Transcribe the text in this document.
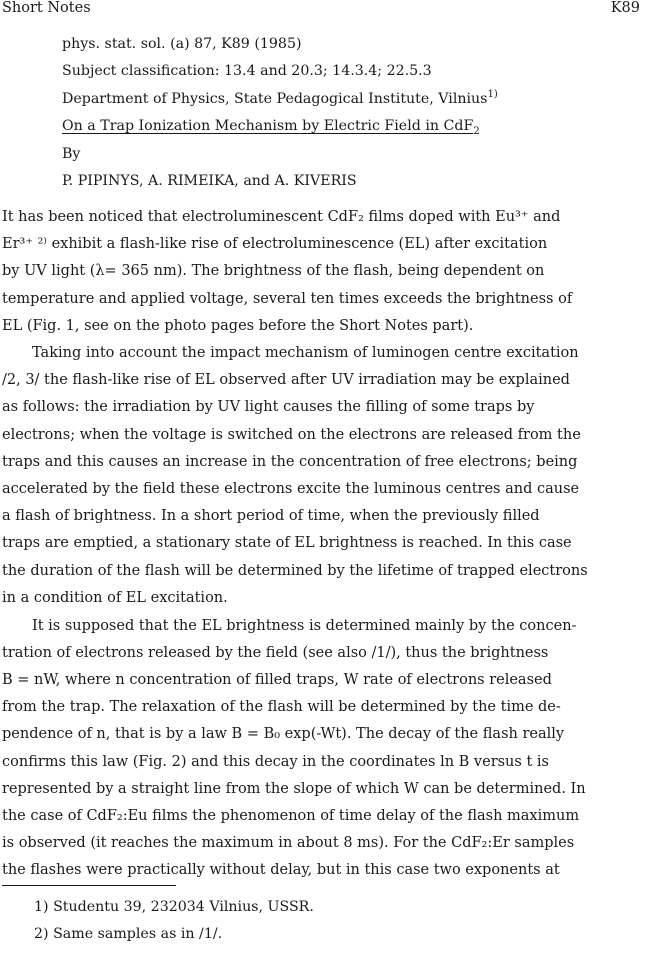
Short Notes	K89
phys. stat. sol. (a) 87, K89 (1985)
Subject classification: 13.4 and 20.3; 14.3.4; 22.5.3
Department of Physics, State Pedagogical Institute, Vilnius$^{1)}$
On a Trap Ionization Mechanism by Electric Field in CdF$_2$
By
P. PIPINYS, A. RIMEIKA, and A. KIVERIS
It has been noticed that electroluminescent CdF₂ films doped with Eu³⁺ and
Er³⁺ ²⁾ exhibit a flash-like rise of electroluminescence (EL) after excitation
by UV light (λ= 365 nm). The brightness of the flash, being dependent on
temperature and applied voltage, several ten times exceeds the brightness of
EL (Fig. 1, see on the photo pages before the Short Notes part).
Taking into account the impact mechanism of luminogen centre excitation
/2, 3/ the flash-like rise of EL observed after UV irradiation may be explained
as follows: the irradiation by UV light causes the filling of some traps by
electrons; when the voltage is switched on the electrons are released from the
traps and this causes an increase in the concentration of free electrons; being
accelerated by the field these electrons excite the luminous centres and cause
a flash of brightness. In a short period of time, when the previously filled
traps are emptied, a stationary state of EL brightness is reached. In this case
the duration of the flash will be determined by the lifetime of trapped electrons
in a condition of EL excitation.
It is supposed that the EL brightness is determined mainly by the concen-
tration of electrons released by the field (see also /1/), thus the brightness
B = nW, where n concentration of filled traps, W rate of electrons released
from the trap. The relaxation of the flash will be determined by the time de-
pendence of n, that is by a law B = B₀ exp(-Wt). The decay of the flash really
confirms this law (Fig. 2) and this decay in the coordinates ln B versus t is
represented by a straight line from the slope of which W can be determined. In
the case of CdF₂:Eu films the phenomenon of time delay of the flash maximum
is observed (it reaches the maximum in about 8 ms). For the CdF₂:Er samples
the flashes were practically without delay, but in this case two exponents at
1) Studentu 39, 232034 Vilnius, USSR.
2) Same samples as in /1/.
